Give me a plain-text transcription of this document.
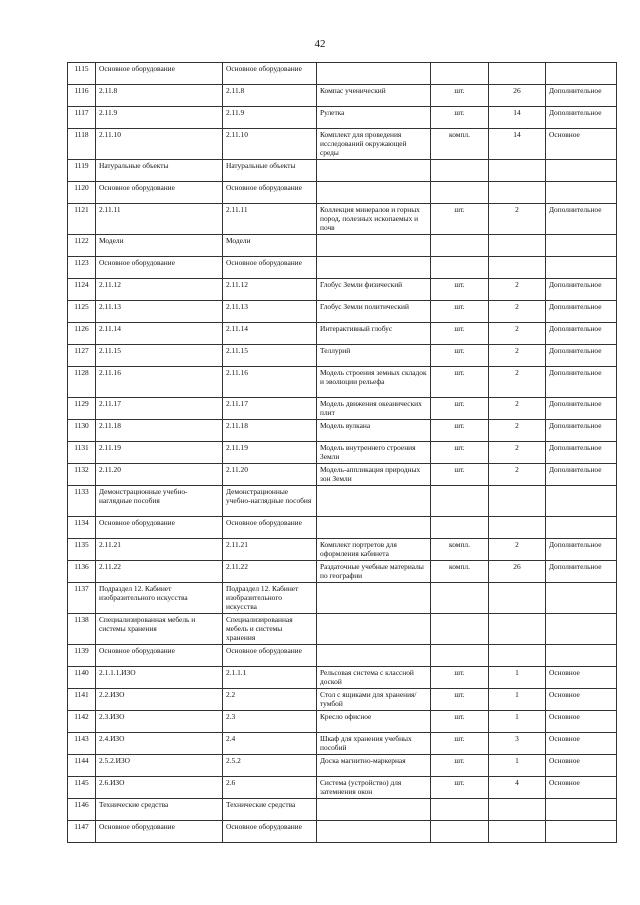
42
1115	Основное оборудование	Основное оборудование				
1116	2.11.8	2.11.8	Компас ученический	шт.	26	Дополнительное
1117	2.11.9	2.11.9	Рулетка	шт.	14	Дополнительное
1118	2.11.10	2.11.10	Комплект для проведения исследований окружающей среды	компл.	14	Основное
1119	Натуральные объекты	Натуральные объекты				
1120	Основное оборудование	Основное оборудование				
1121	2.11.11	2.11.11	Коллекция минералов и горных пород, полезных ископаемых и почв	шт.	2	Дополнительное
1122	Модели	Модели				
1123	Основное оборудование	Основное оборудование				
1124	2.11.12	2.11.12	Глобус Земли физический	шт.	2	Дополнительное
1125	2.11.13	2.11.13	Глобус Земли политический	шт.	2	Дополнительное
1126	2.11.14	2.11.14	Интерактивный глобус	шт.	2	Дополнительное
1127	2.11.15	2.11.15	Теллурий	шт.	2	Дополнительное
1128	2.11.16	2.11.16	Модель строения земных складок и эволюции рельефа	шт.	2	Дополнительное
1129	2.11.17	2.11.17	Модель движения океанических плит	шт.	2	Дополнительное
1130	2.11.18	2.11.18	Модель вулкана	шт.	2	Дополнительное
1131	2.11.19	2.11.19	Модель внутреннего строения Земли	шт.	2	Дополнительное
1132	2.11.20	2.11.20	Модель-аппликация природных зон Земли	шт.	2	Дополнительное
1133	Демонстрационные учебно-наглядные пособия	Демонстрационные учебно-наглядные пособия				
1134	Основное оборудование	Основное оборудование				
1135	2.11.21	2.11.21	Комплект портретов для оформления кабинета	компл.	2	Дополнительное
1136	2.11.22	2.11.22	Раздаточные учебные материалы по географии	компл.	26	Дополнительное
1137	Подраздел 12. Кабинет изобразительного искусства	Подраздел 12. Кабинет изобразительного искусства				
1138	Специализированная мебель и системы хранения	Специализированная мебель и системы хранения				
1139	Основное оборудование	Основное оборудование				
1140	2.1.1.1.ИЗО	2.1.1.1	Рельсовая система с классной доской	шт.	1	Основное
1141	2.2.ИЗО	2.2	Стол с ящиками для хранения/тумбой	шт.	1	Основное
1142	2.3.ИЗО	2.3	Кресло офисное	шт.	1	Основное
1143	2.4.ИЗО	2.4	Шкаф для хранения учебных пособий	шт.	3	Основное
1144	2.5.2.ИЗО	2.5.2	Доска магнитно-маркерная	шт.	1	Основное
1145	2.6.ИЗО	2.6	Система (устройство) для затемнения окон	шт.	4	Основное
1146	Технические средства	Технические средства				
1147	Основное оборудование	Основное оборудование				
